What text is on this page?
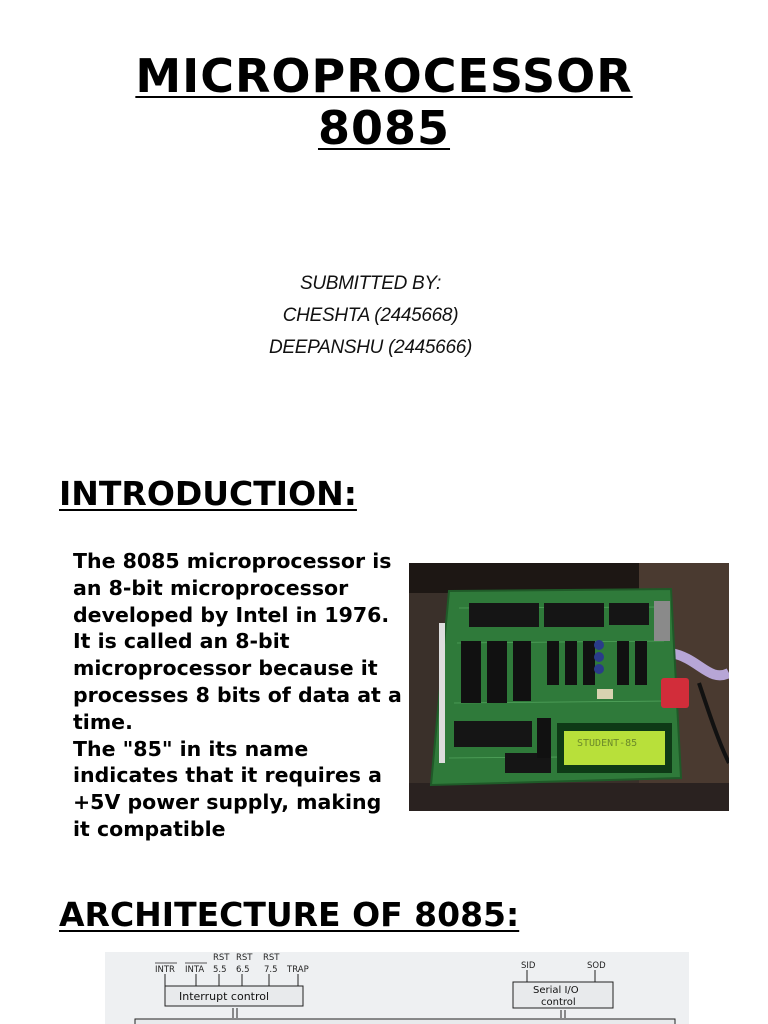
MICROPROCESSOR
8085
SUBMITTED BY:
CHESHTA (2445668)
DEEPANSHU (2445666)
INTRODUCTION:

The 8085 microprocessor is an 8-bit microprocessor developed by Intel in 1976. It is called an 8-bit microprocessor because it processes 8 bits of data at a time.

The "85" in its name indicates that it requires a +5V power supply, making it compatible

STUDENT-85
ARCHITECTURE OF 8085:
RST RST RST
INTR INTA 5.5 6.5 7.5 TRAP	SID	SOD
Interrupt control	Serial I/O
control
